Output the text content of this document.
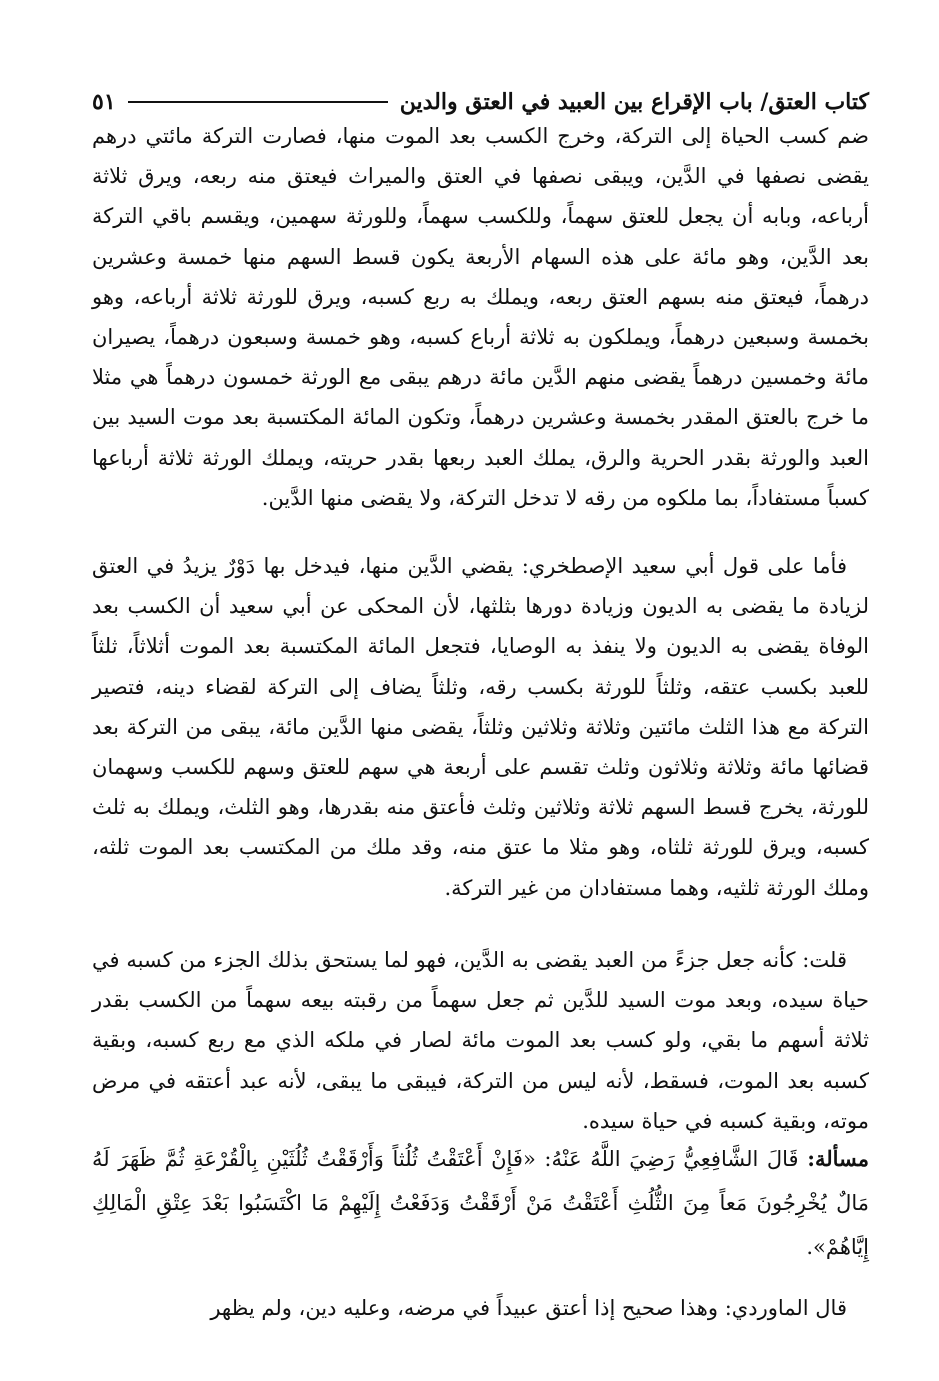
كتاب العتق/ باب الإقراع بين العبيد في العتق والدين
٥١
ضم كسب الحياة إلى التركة، وخرج الكسب بعد الموت منها، فصارت التركة مائتي درهم يقضى نصفها في الدَّين، ويبقى نصفها في العتق والميراث فيعتق منه ربعه، ويرق ثلاثة أرباعه، وبابه أن يجعل للعتق سهماً، وللكسب سهماً، وللورثة سهمين، ويقسم باقي التركة بعد الدَّين، وهو مائة على هذه السهام الأربعة يكون قسط السهم منها خمسة وعشرين درهماً، فيعتق منه بسهم العتق ربعه، ويملك به ربع كسبه، ويرق للورثة ثلاثة أرباعه، وهو بخمسة وسبعين درهماً، ويملكون به ثلاثة أرباع كسبه، وهو خمسة وسبعون درهماً، يصيران مائة وخمسين درهماً يقضى منهم الدَّين مائة درهم يبقى مع الورثة خمسون درهماً هي مثلا ما خرج بالعتق المقدر بخمسة وعشرين درهماً، وتكون المائة المكتسبة بعد موت السيد بين العبد والورثة بقدر الحرية والرق، يملك العبد ربعها بقدر حريته، ويملك الورثة ثلاثة أرباعها كسباً مستفاداً، بما ملكوه من رقه لا تدخل التركة، ولا يقضى منها الدَّين.
فأما على قول أبي سعيد الإصطخري: يقضي الدَّين منها، فيدخل بها دَوْرٌ يزيدُ في العتق لزيادة ما يقضى به الديون وزيادة دورها بثلثها، لأن المحكى عن أبي سعيد أن الكسب بعد الوفاة يقضى به الديون ولا ينفذ به الوصايا، فتجعل المائة المكتسبة بعد الموت أثلاثاً، ثلثاً للعبد بكسب عتقه، وثلثاً للورثة بكسب رقه، وثلثاً يضاف إلى التركة لقضاء دينه، فتصير التركة مع هذا الثلث مائتين وثلاثة وثلاثين وثلثاً، يقضى منها الدَّين مائة، يبقى من التركة بعد قضائها مائة وثلاثة وثلاثون وثلث تقسم على أربعة هي سهم للعتق وسهم للكسب وسهمان للورثة، يخرج قسط السهم ثلاثة وثلاثين وثلث فأعتق منه بقدرها، وهو الثلث، ويملك به ثلث كسبه، ويرق للورثة ثلثاه، وهو مثلا ما عتق منه، وقد ملك من المكتسب بعد الموت ثلثه، وملك الورثة ثلثيه، وهما مستفادان من غير التركة.
قلت: كأنه جعل جزءً من العبد يقضى به الدَّين، فهو لما يستحق بذلك الجزء من كسبه في حياة سيده، وبعد موت السيد للدَّين ثم جعل سهماً من رقبته بيعه سهماً من الكسب بقدر ثلاثة أسهم ما بقي، ولو كسب بعد الموت مائة لصار في ملكه الذي مع ربع كسبه، وبقية كسبه بعد الموت، فسقط، لأنه ليس من التركة، فيبقى ما يبقى، لأنه عبد أعتقه في مرض موته، وبقية كسبه في حياة سيده.
مسألة: قَالَ الشَّافِعِيُّ رَضِيَ اللَّهُ عَنْهُ: «فَإِنْ أَعْتَقْتُ ثُلُثاً وَأَرْقَقْتُ ثُلُثَيْنِ بِالْقُرْعَةِ ثُمَّ ظَهَرَ لَهُ مَالٌ يُخْرِجُونَ مَعاً مِنَ الثُّلُثِ أَعْتَقْتُ مَنْ أَرْقَقْتُ وَدَفَعْتُ إِلَيْهِمْ مَا اكْتَسَبُوا بَعْدَ عِتْقِ الْمَالِكِ إِيَّاهُمْ».
قال الماوردي: وهذا صحيح إذا أعتق عبيداً في مرضه، وعليه دين، ولم يظهر
